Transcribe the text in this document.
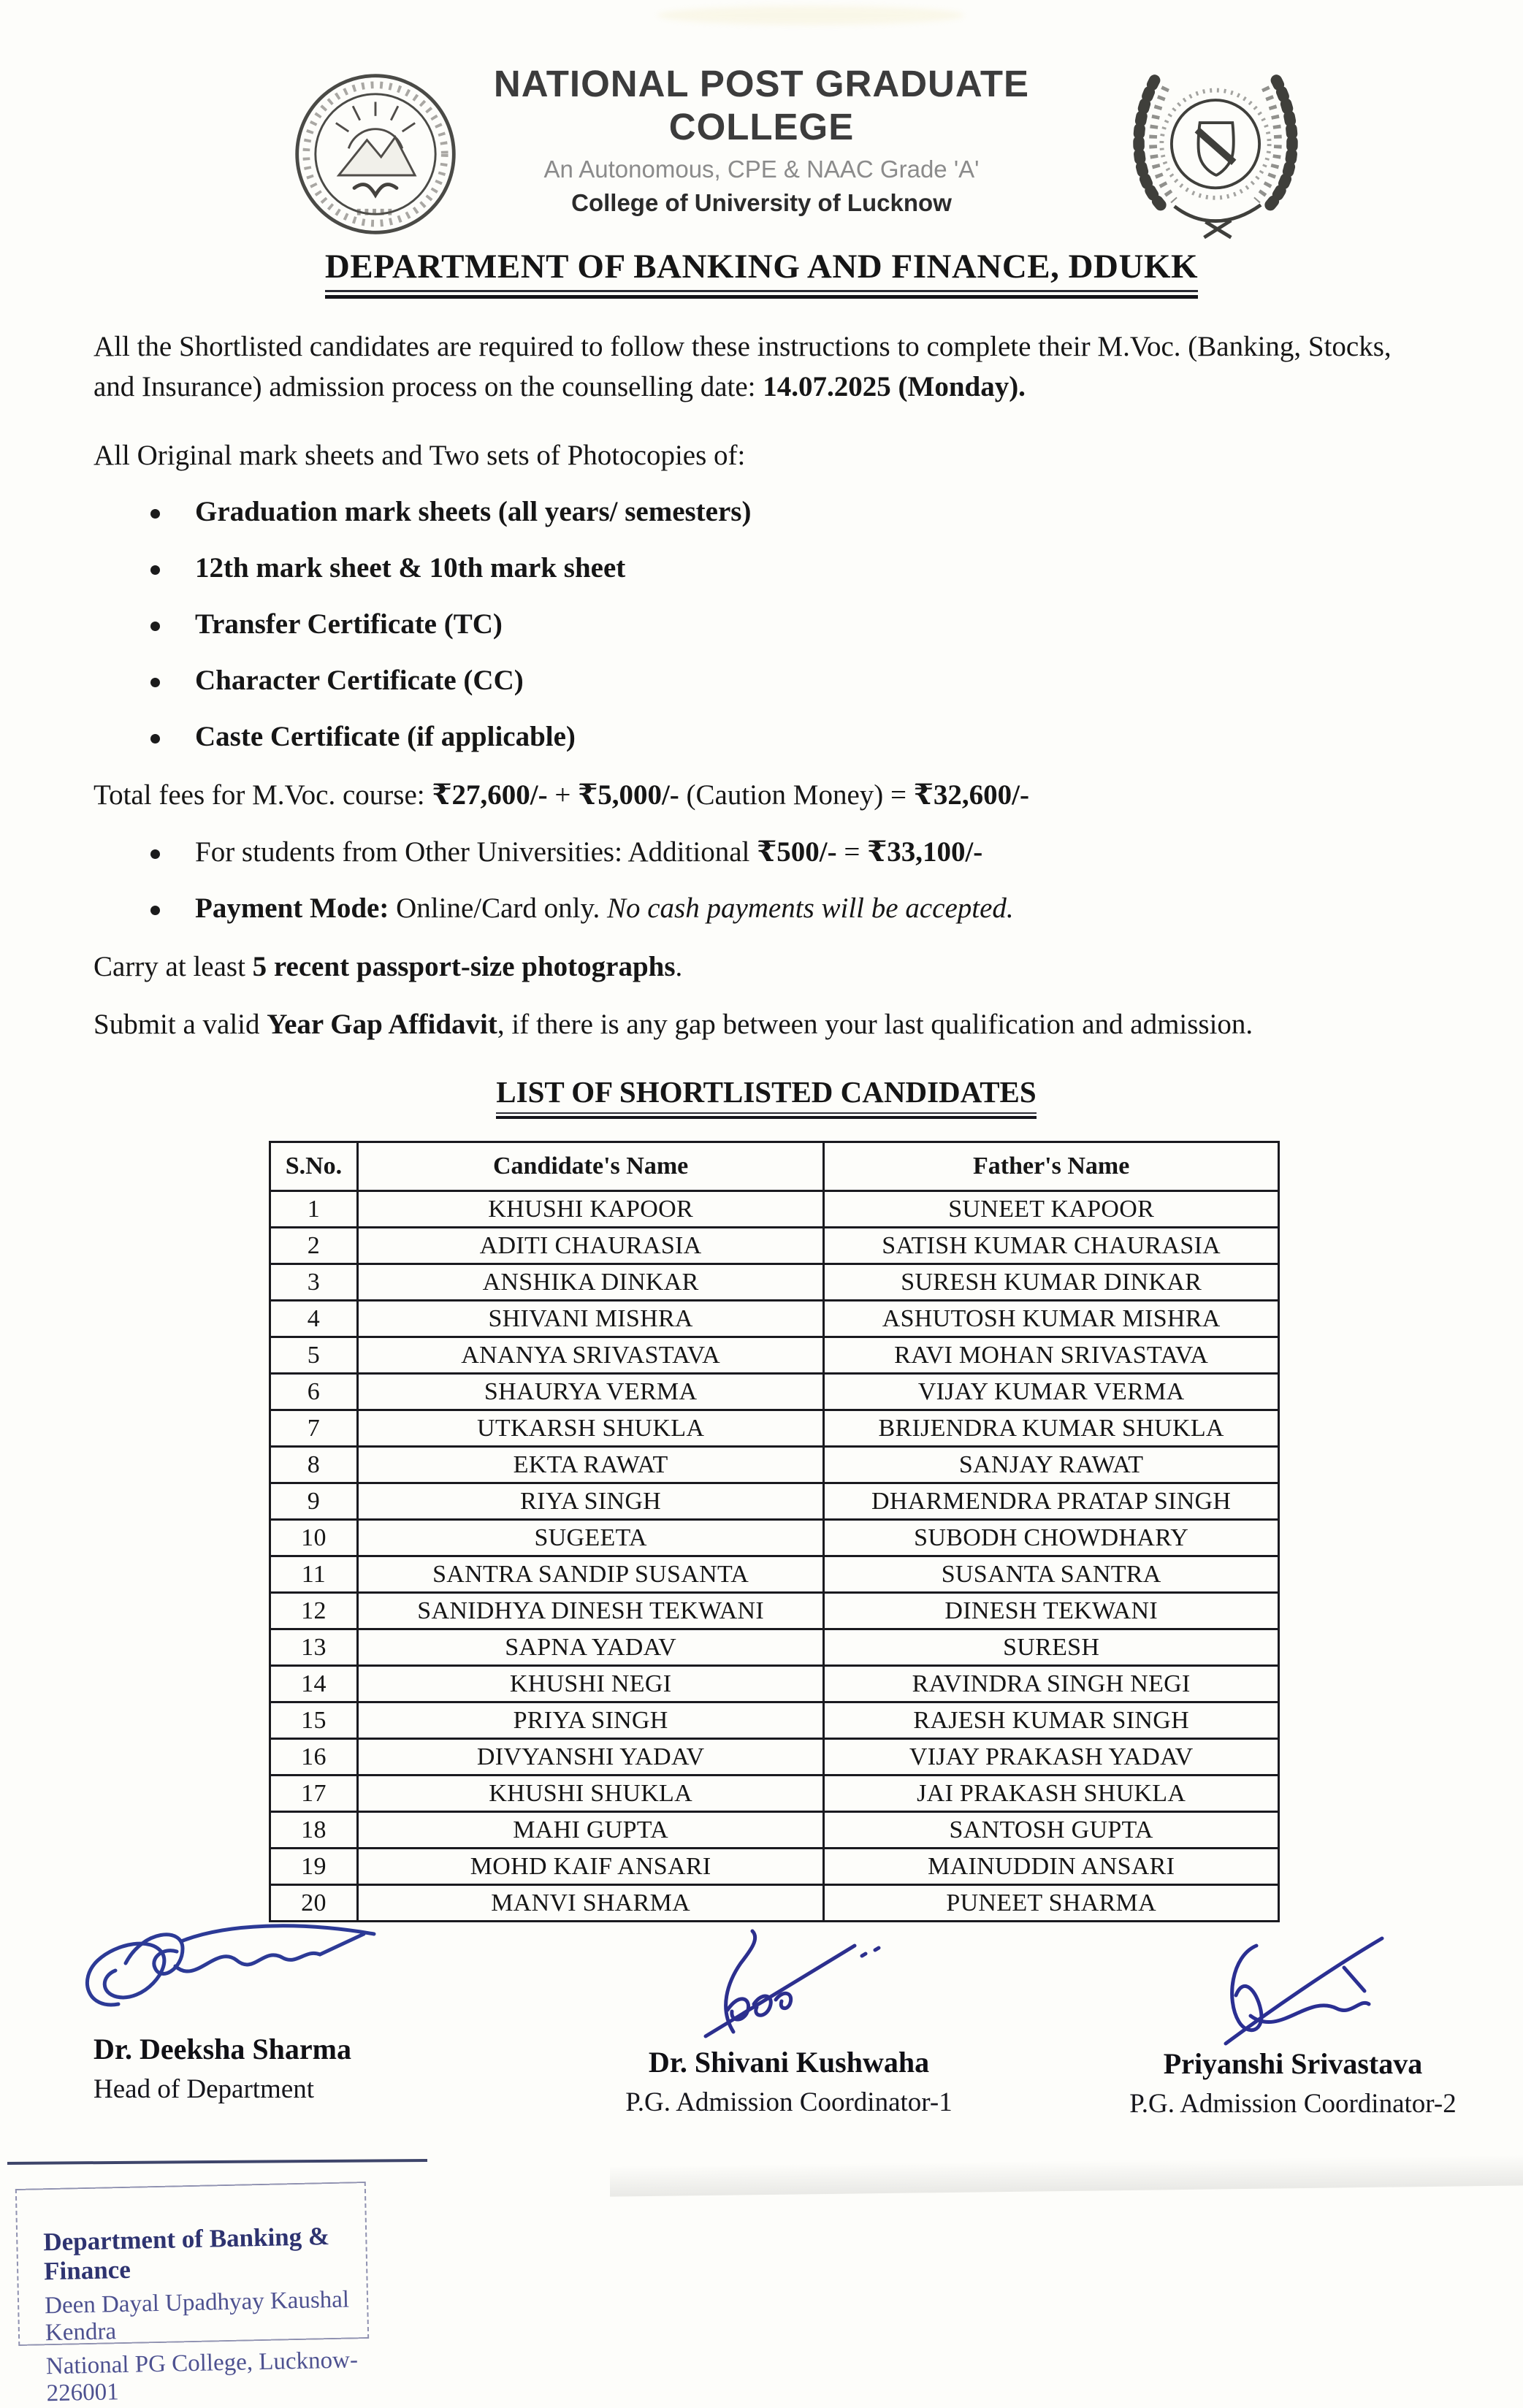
NATIONAL POST GRADUATE COLLEGE
An Autonomous, CPE & NAAC Grade 'A'
College of University of Lucknow
DEPARTMENT OF BANKING AND FINANCE, DDUKK
All the Shortlisted candidates are required to follow these instructions to complete their M.Voc. (Banking, Stocks, and Insurance) admission process on the counselling date: 14.07.2025 (Monday).
All Original mark sheets and Two sets of Photocopies of:
Graduation mark sheets (all years/ semesters)
12th mark sheet & 10th mark sheet
Transfer Certificate (TC)
Character Certificate (CC)
Caste Certificate (if applicable)
Total fees for M.Voc. course: ₹27,600/- + ₹5,000/- (Caution Money) = ₹32,600/-
For students from Other Universities: Additional ₹500/- = ₹33,100/-
Payment Mode: Online/Card only. No cash payments will be accepted.
Carry at least 5 recent passport-size photographs.
Submit a valid Year Gap Affidavit, if there is any gap between your last qualification and admission.
LIST OF SHORTLISTED CANDIDATES
S.No.	Candidate's Name	Father's Name
1	KHUSHI KAPOOR	SUNEET KAPOOR
2	ADITI CHAURASIA	SATISH KUMAR CHAURASIA
3	ANSHIKA DINKAR	SURESH KUMAR DINKAR
4	SHIVANI MISHRA	ASHUTOSH KUMAR MISHRA
5	ANANYA SRIVASTAVA	RAVI MOHAN SRIVASTAVA
6	SHAURYA VERMA	VIJAY KUMAR VERMA
7	UTKARSH SHUKLA	BRIJENDRA KUMAR SHUKLA
8	EKTA RAWAT	SANJAY RAWAT
9	RIYA SINGH	DHARMENDRA PRATAP SINGH
10	SUGEETA	SUBODH CHOWDHARY
11	SANTRA SANDIP SUSANTA	SUSANTA SANTRA
12	SANIDHYA DINESH TEKWANI	DINESH TEKWANI
13	SAPNA YADAV	SURESH
14	KHUSHI NEGI	RAVINDRA SINGH NEGI
15	PRIYA SINGH	RAJESH KUMAR SINGH
16	DIVYANSHI YADAV	VIJAY PRAKASH YADAV
17	KHUSHI SHUKLA	JAI PRAKASH SHUKLA
18	MAHI GUPTA	SANTOSH GUPTA
19	MOHD KAIF ANSARI	MAINUDDIN ANSARI
20	MANVI SHARMA	PUNEET SHARMA
Dr. Deeksha Sharma
Head of Department
Department of Banking & Finance
Deen Dayal Upadhyay Kaushal Kendra
National PG College, Lucknow-226001
Dr. Shivani Kushwaha
P.G. Admission Coordinator-1
Priyanshi Srivastava
P.G. Admission Coordinator-2
